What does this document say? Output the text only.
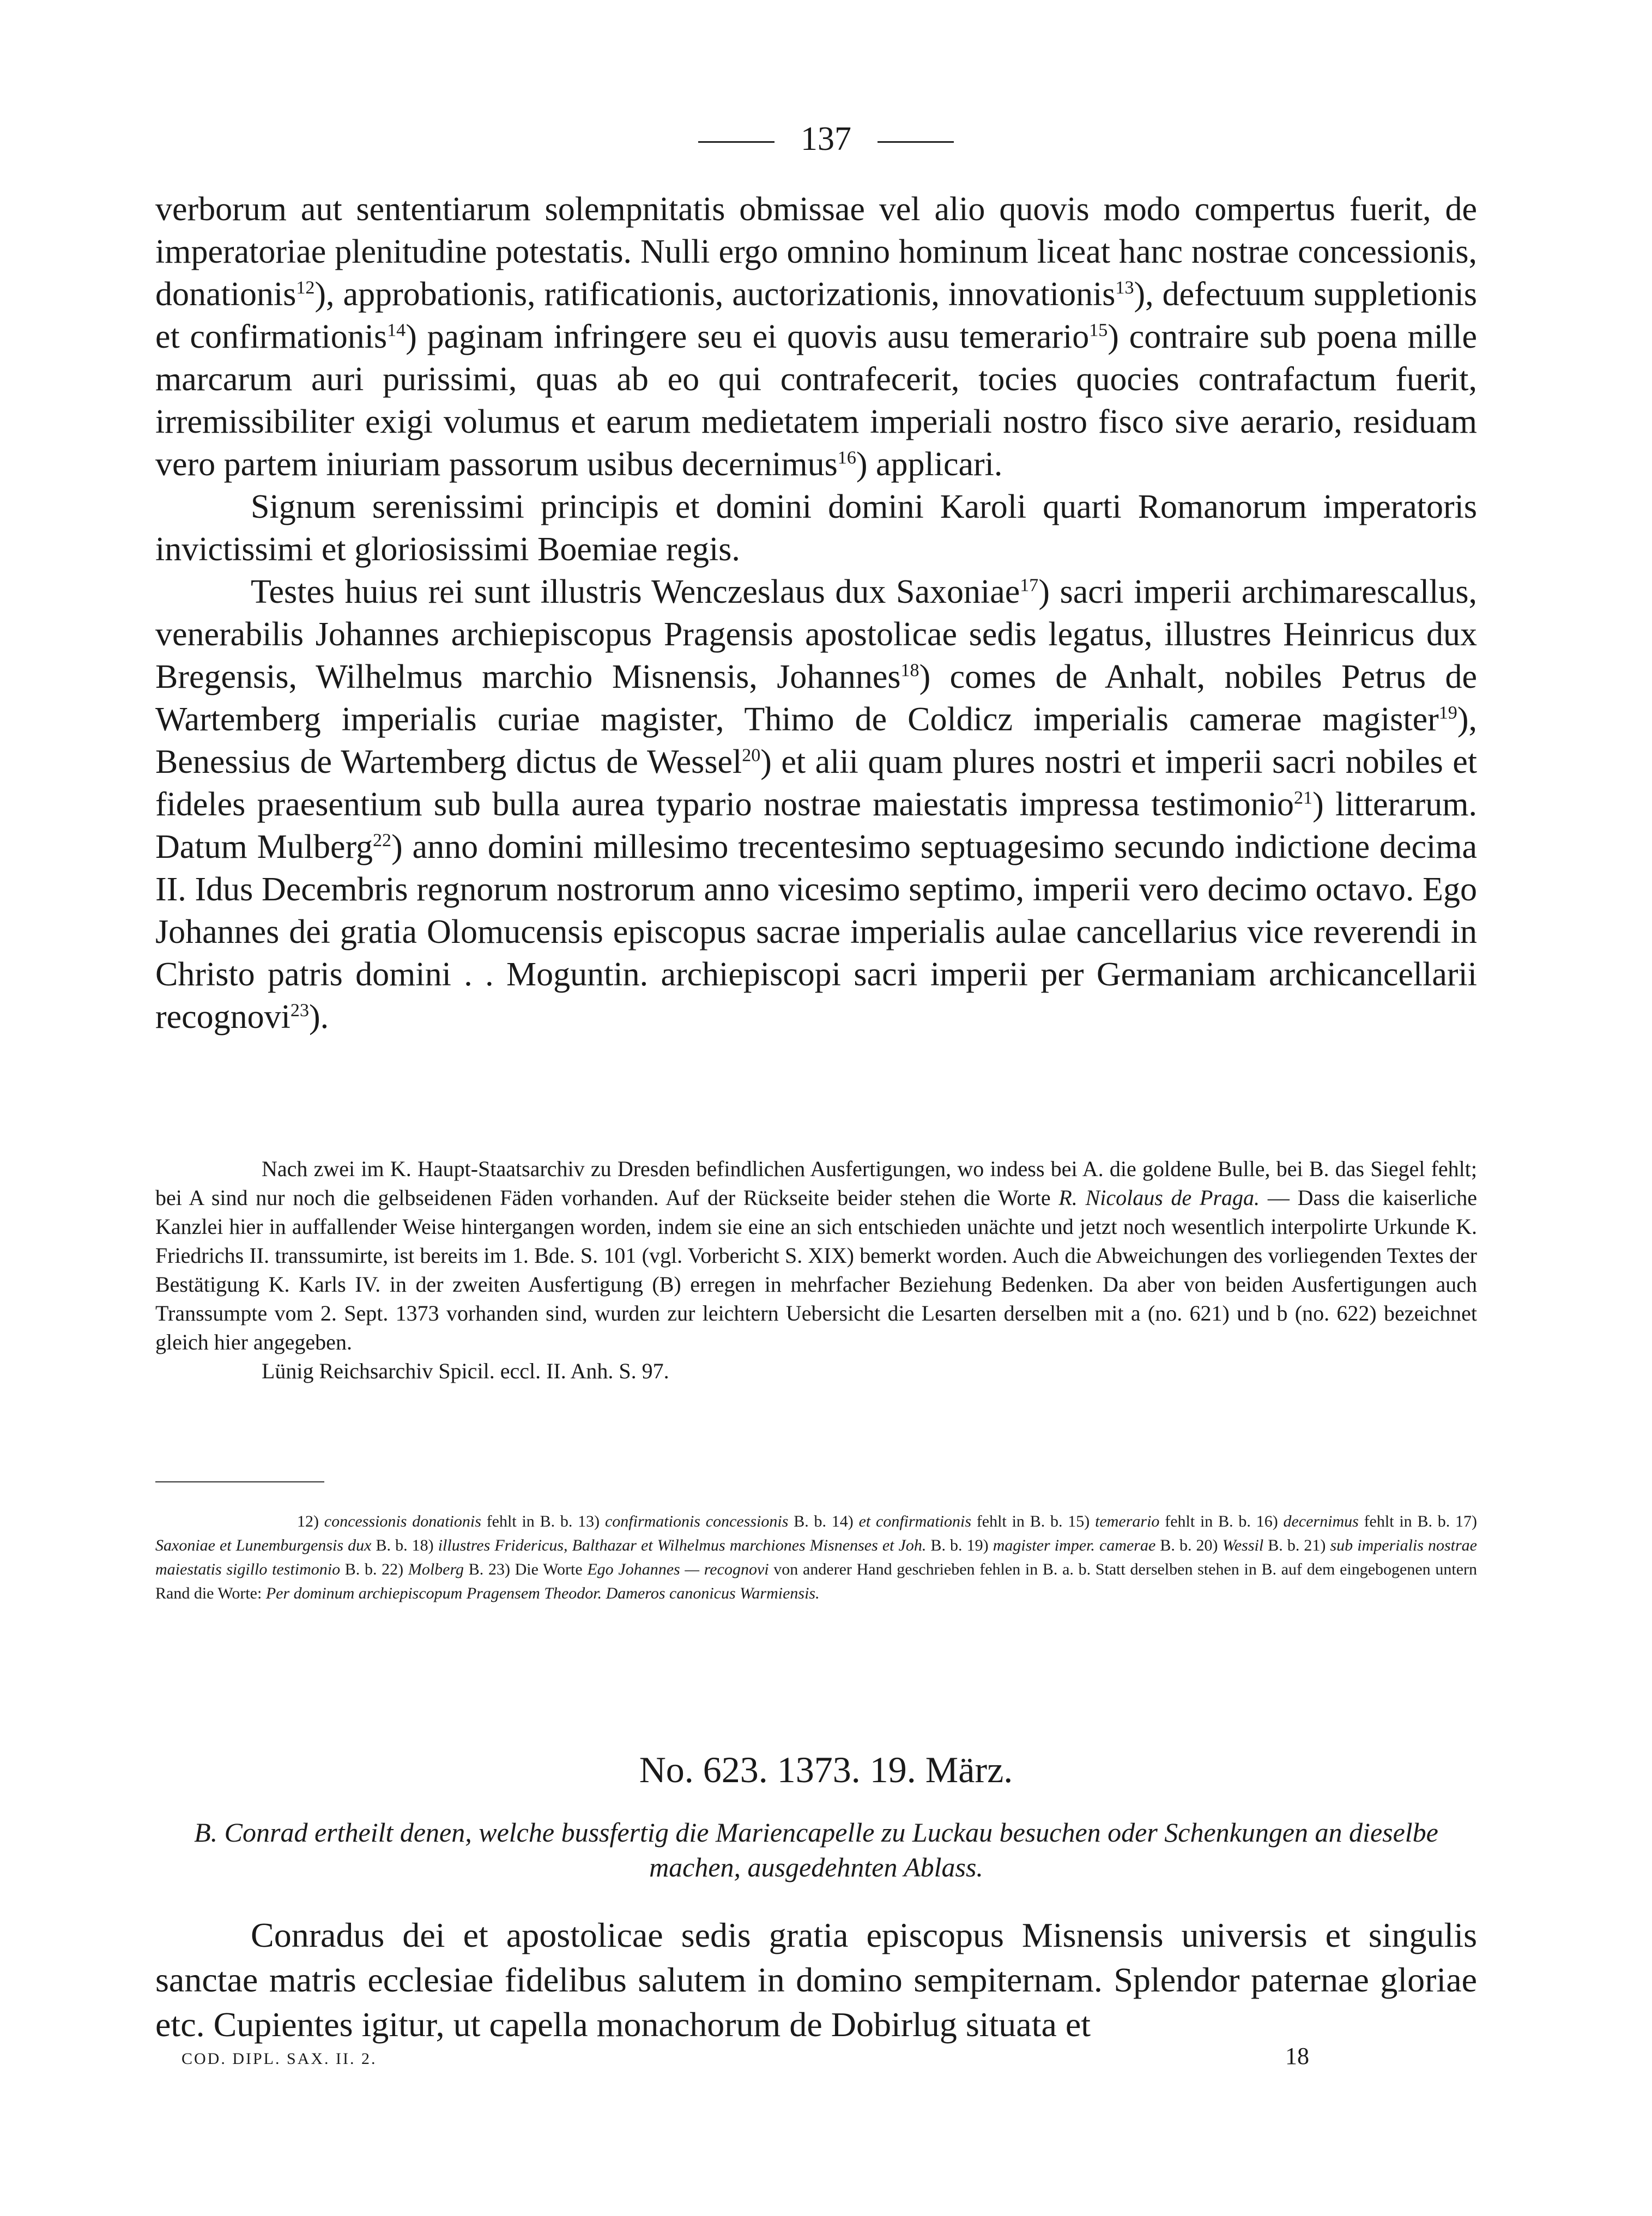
137

verborum aut sententiarum solempnitatis obmissae vel alio quovis modo compertus fuerit, de imperatoriae plenitudine potestatis. Nulli ergo omnino hominum liceat hanc nostrae concessionis, donationis$^{12}$), approbationis, ratificationis, auctorizationis, innovationis$^{13}$), defectuum suppletionis et confirmationis$^{14}$) paginam infringere seu ei quovis ausu temerario$^{15}$) contraire sub poena mille marcarum auri purissimi, quas ab eo qui contrafecerit, tocies quocies contrafactum fuerit, irremissibiliter exigi volumus et earum medietatem imperiali nostro fisco sive aerario, residuam vero partem iniuriam passorum usibus decernimus$^{16}$) applicari.

Signum serenissimi principis et domini domini Karoli quarti Romanorum imperatoris invictissimi et gloriosissimi Boemiae regis.

Testes huius rei sunt illustris Wenczeslaus dux Saxoniae$^{17}$) sacri imperii archimarescallus, venerabilis Johannes archiepiscopus Pragensis apostolicae sedis legatus, illustres Heinricus dux Bregensis, Wilhelmus marchio Misnensis, Johannes$^{18}$) comes de Anhalt, nobiles Petrus de Wartemberg imperialis curiae magister, Thimo de Coldicz imperialis camerae magister$^{19}$), Benessius de Wartemberg dictus de Wessel$^{20}$) et alii quam plures nostri et imperii sacri nobiles et fideles praesentium sub bulla aurea typario nostrae maiestatis impressa testimonio$^{21}$) litterarum. Datum Mulberg$^{22}$) anno domini millesimo trecentesimo septuagesimo secundo indictione decima II. Idus Decembris regnorum nostrorum anno vicesimo septimo, imperii vero decimo octavo. Ego Johannes dei gratia Olomucensis episcopus sacrae imperialis aulae cancellarius vice reverendi in Christo patris domini . . Moguntin. archiepiscopi sacri imperii per Germaniam archicancellarii recognovi$^{23}$).

Nach zwei im K. Haupt-Staatsarchiv zu Dresden befindlichen Ausfertigungen, wo indess bei A. die goldene Bulle, bei B. das Siegel fehlt; bei A sind nur noch die gelbseidenen Fäden vorhanden. Auf der Rückseite beider stehen die Worte R. Nicolaus de Praga. — Dass die kaiserliche Kanzlei hier in auffallender Weise hintergangen worden, indem sie eine an sich entschieden unächte und jetzt noch wesentlich interpolirte Urkunde K. Friedrichs II. transsumirte, ist bereits im 1. Bde. S. 101 (vgl. Vorbericht S. XIX) bemerkt worden. Auch die Abweichungen des vorliegenden Textes der Bestätigung K. Karls IV. in der zweiten Ausfertigung (B) erregen in mehrfacher Beziehung Bedenken. Da aber von beiden Ausfertigungen auch Transsumpte vom 2. Sept. 1373 vorhanden sind, wurden zur leichtern Uebersicht die Lesarten derselben mit a (no. 621) und b (no. 622) bezeichnet gleich hier angegeben.

Lünig Reichsarchiv Spicil. eccl. II. Anh. S. 97.

12) concessionis donationis fehlt in B. b. 13) confirmationis concessionis B. b. 14) et confirmationis fehlt in B. b. 15) temerario fehlt in B. b. 16) decernimus fehlt in B. b. 17) Saxoniae et Lunemburgensis dux B. b. 18) illustres Fridericus, Balthazar et Wilhelmus marchiones Misnenses et Joh. B. b. 19) magister imper. camerae B. b. 20) Wessil B. b. 21) sub imperialis nostrae maiestatis sigillo testimonio B. b. 22) Molberg B. 23) Die Worte Ego Johannes — recognovi von anderer Hand geschrieben fehlen in B. a. b. Statt derselben stehen in B. auf dem eingebogenen untern Rand die Worte: Per dominum archiepiscopum Pragensem Theodor. Dameros canonicus Warmiensis.

No. 623. 1373. 19. März.
B. Conrad ertheilt denen, welche bussfertig die Mariencapelle zu Luckau besuchen oder Schenkungen an dieselbe machen, ausgedehnten Ablass.

Conradus dei et apostolicae sedis gratia episcopus Misnensis universis et singulis sanctae matris ecclesiae fidelibus salutem in domino sempiternam. Splendor paternae gloriae etc. Cupientes igitur, ut capella monachorum de Dobirlug situata et

COD. DIPL. SAX. II. 2.	18
